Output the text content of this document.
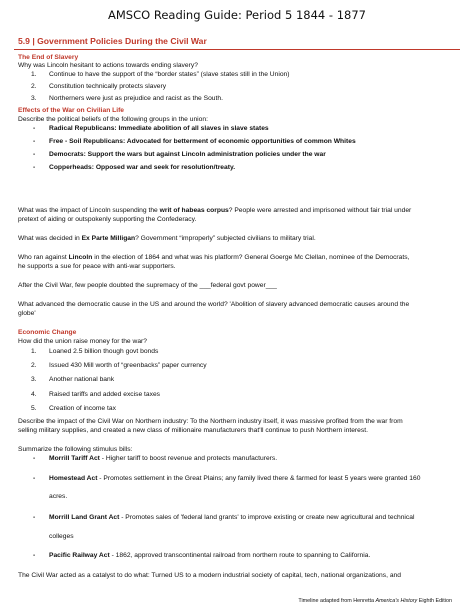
AMSCO Reading Guide: Period 5 1844 - 1877
5.9 | Government Policies During the Civil War
The End of Slavery
Why was Lincoln hesitant to actions towards ending slavery?
1. Continue to have the support of the “border states” (slave states still in the Union)
2. Constitution technically protects slavery
3. Northerners were just as prejudice and racist as the South.
Effects of the War on Civilian Life
Describe the political beliefs of the following groups in the union:
- Radical Republicans: Immediate abolition of all slaves in slave states
- Free - Soil Republicans: Advocated for betterment of economic opportunities of common Whites
- Democrats: Support the wars but against Lincoln administration policies under the war
- Copperheads: Opposed war and seek for resolution/treaty.
What was the impact of Lincoln suspending the writ of habeas corpus? People were arrested and imprisoned without fair trial under
pretext of aiding or outspokenly supporting the Confederacy.
What was decided in Ex Parte Milligan? Government “improperly” subjected civilians to military trial.
Who ran against Lincoln in the election of 1864 and what was his platform? General Goerge Mc Clellan, nominee of the Democrats,
he supports a sue for peace with anti-war supporters.
After the Civil War, few people doubted the supremacy of the ___federal govt power___
What advanced the democratic cause in the US and around the world? 'Abolition of slavery advanced democratic causes around the
globe'
Economic Change
How did the union raise money for the war?
1. Loaned 2.5 billion though govt bonds
2. Issued 430 Mill worth of “greenbacks” paper currency
3. Another national bank
4. Raised tariffs and added excise taxes
5. Creation of income tax
Describe the impact of the Civil War on Northern industry: To the Northern industry itself, it was massive profited from the war from
selling military supplies, and created a new class of millionaire manufacturers that'll continue to push Northern interest.
Summarize the following stimulus bills:
- Morrill Tariff Act - Higher tariff to boost revenue and protects manufacturers.
- Homestead Act - Promotes settlement in the Great Plains; any family lived there & farmed for least 5 years were granted 160
acres.
- Morrill Land Grant Act - Promotes sales of 'federal land grants' to improve existing or create new agricultural and technical
colleges
- Pacific Railway Act - 1862, approved transcontinental railroad from northern route to spanning to California.
The Civil War acted as a catalyst to do what: Turned US to a modern industrial society of capital, tech, national organizations, and
Timeline adapted from Henretta America's History Eighth Edition
